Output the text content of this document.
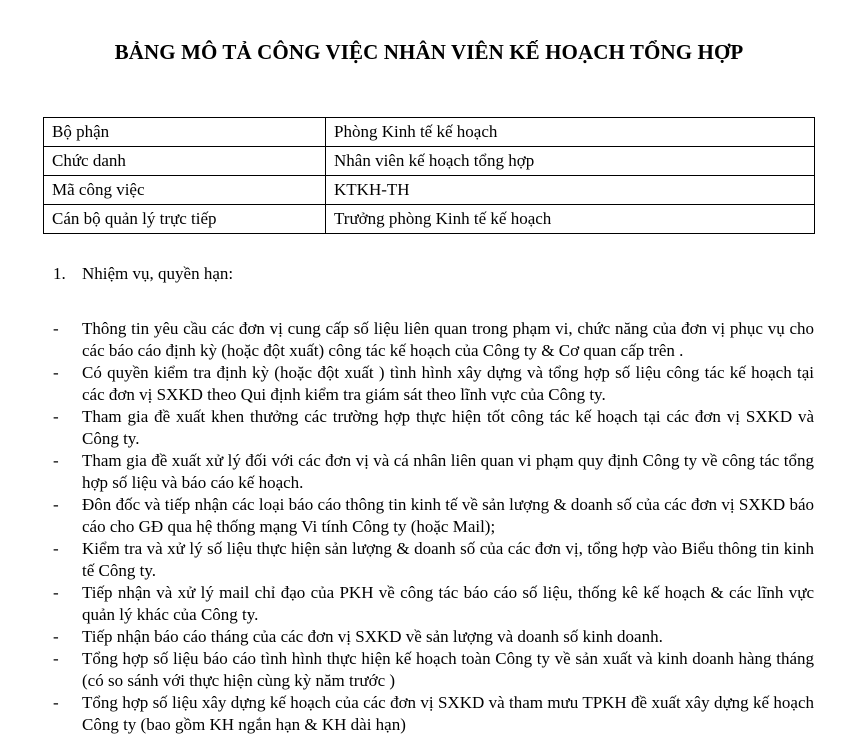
BẢNG MÔ TẢ CÔNG VIỆC NHÂN VIÊN KẾ HOẠCH TỔNG HỢP
Bộ phận	Phòng Kinh tế kế hoạch
Chức danh	Nhân viên kế hoạch tổng hợp
Mã công việc	KTKH-TH
Cán bộ quản lý trực tiếp	Trưởng phòng Kinh tế kế hoạch
1. Nhiệm vụ, quyền hạn:
- Thông tin yêu cầu các đơn vị cung cấp số liệu liên quan trong phạm vi, chức năng của đơn vị phục vụ cho các báo cáo định kỳ (hoặc đột xuất) công tác kế hoạch của Công ty & Cơ quan cấp trên .
- Có quyền kiểm tra định kỳ (hoặc đột xuất ) tình hình xây dựng và tổng hợp số liệu công tác kế hoạch tại các đơn vị SXKD theo Qui định kiểm tra giám sát theo lĩnh vực của Công ty.
- Tham gia đề xuất khen thưởng các trường hợp thực hiện tốt công tác kế hoạch tại các đơn vị SXKD và Công ty.
- Tham gia đề xuất xử lý đối với các đơn vị và cá nhân liên quan vi phạm quy định Công ty về công tác tổng hợp số liệu và báo cáo kế hoạch.
- Đôn đốc và tiếp nhận các loại báo cáo thông tin kinh tế về sản lượng & doanh số của các đơn vị SXKD báo cáo cho GĐ qua hệ thống mạng Vi tính Công ty (hoặc Mail);
- Kiểm tra và xử lý số liệu thực hiện sản lượng & doanh số của các đơn vị, tổng hợp vào Biểu thông tin kinh tế Công ty.
- Tiếp nhận và xử lý mail chỉ đạo của PKH về công tác báo cáo số liệu, thống kê kế hoạch & các lĩnh vực quản lý khác của Công ty.
- Tiếp nhận báo cáo tháng của các đơn vị SXKD về sản lượng và doanh số kinh doanh.
- Tổng hợp số liệu báo cáo tình hình thực hiện kế hoạch toàn Công ty về sản xuất và kinh doanh hàng tháng (có so sánh với thực hiện cùng kỳ năm trước )
- Tổng hợp số liệu xây dựng kế hoạch của các đơn vị SXKD và tham mưu TPKH đề xuất xây dựng kế hoạch Công ty (bao gồm KH ngắn hạn & KH dài hạn)
